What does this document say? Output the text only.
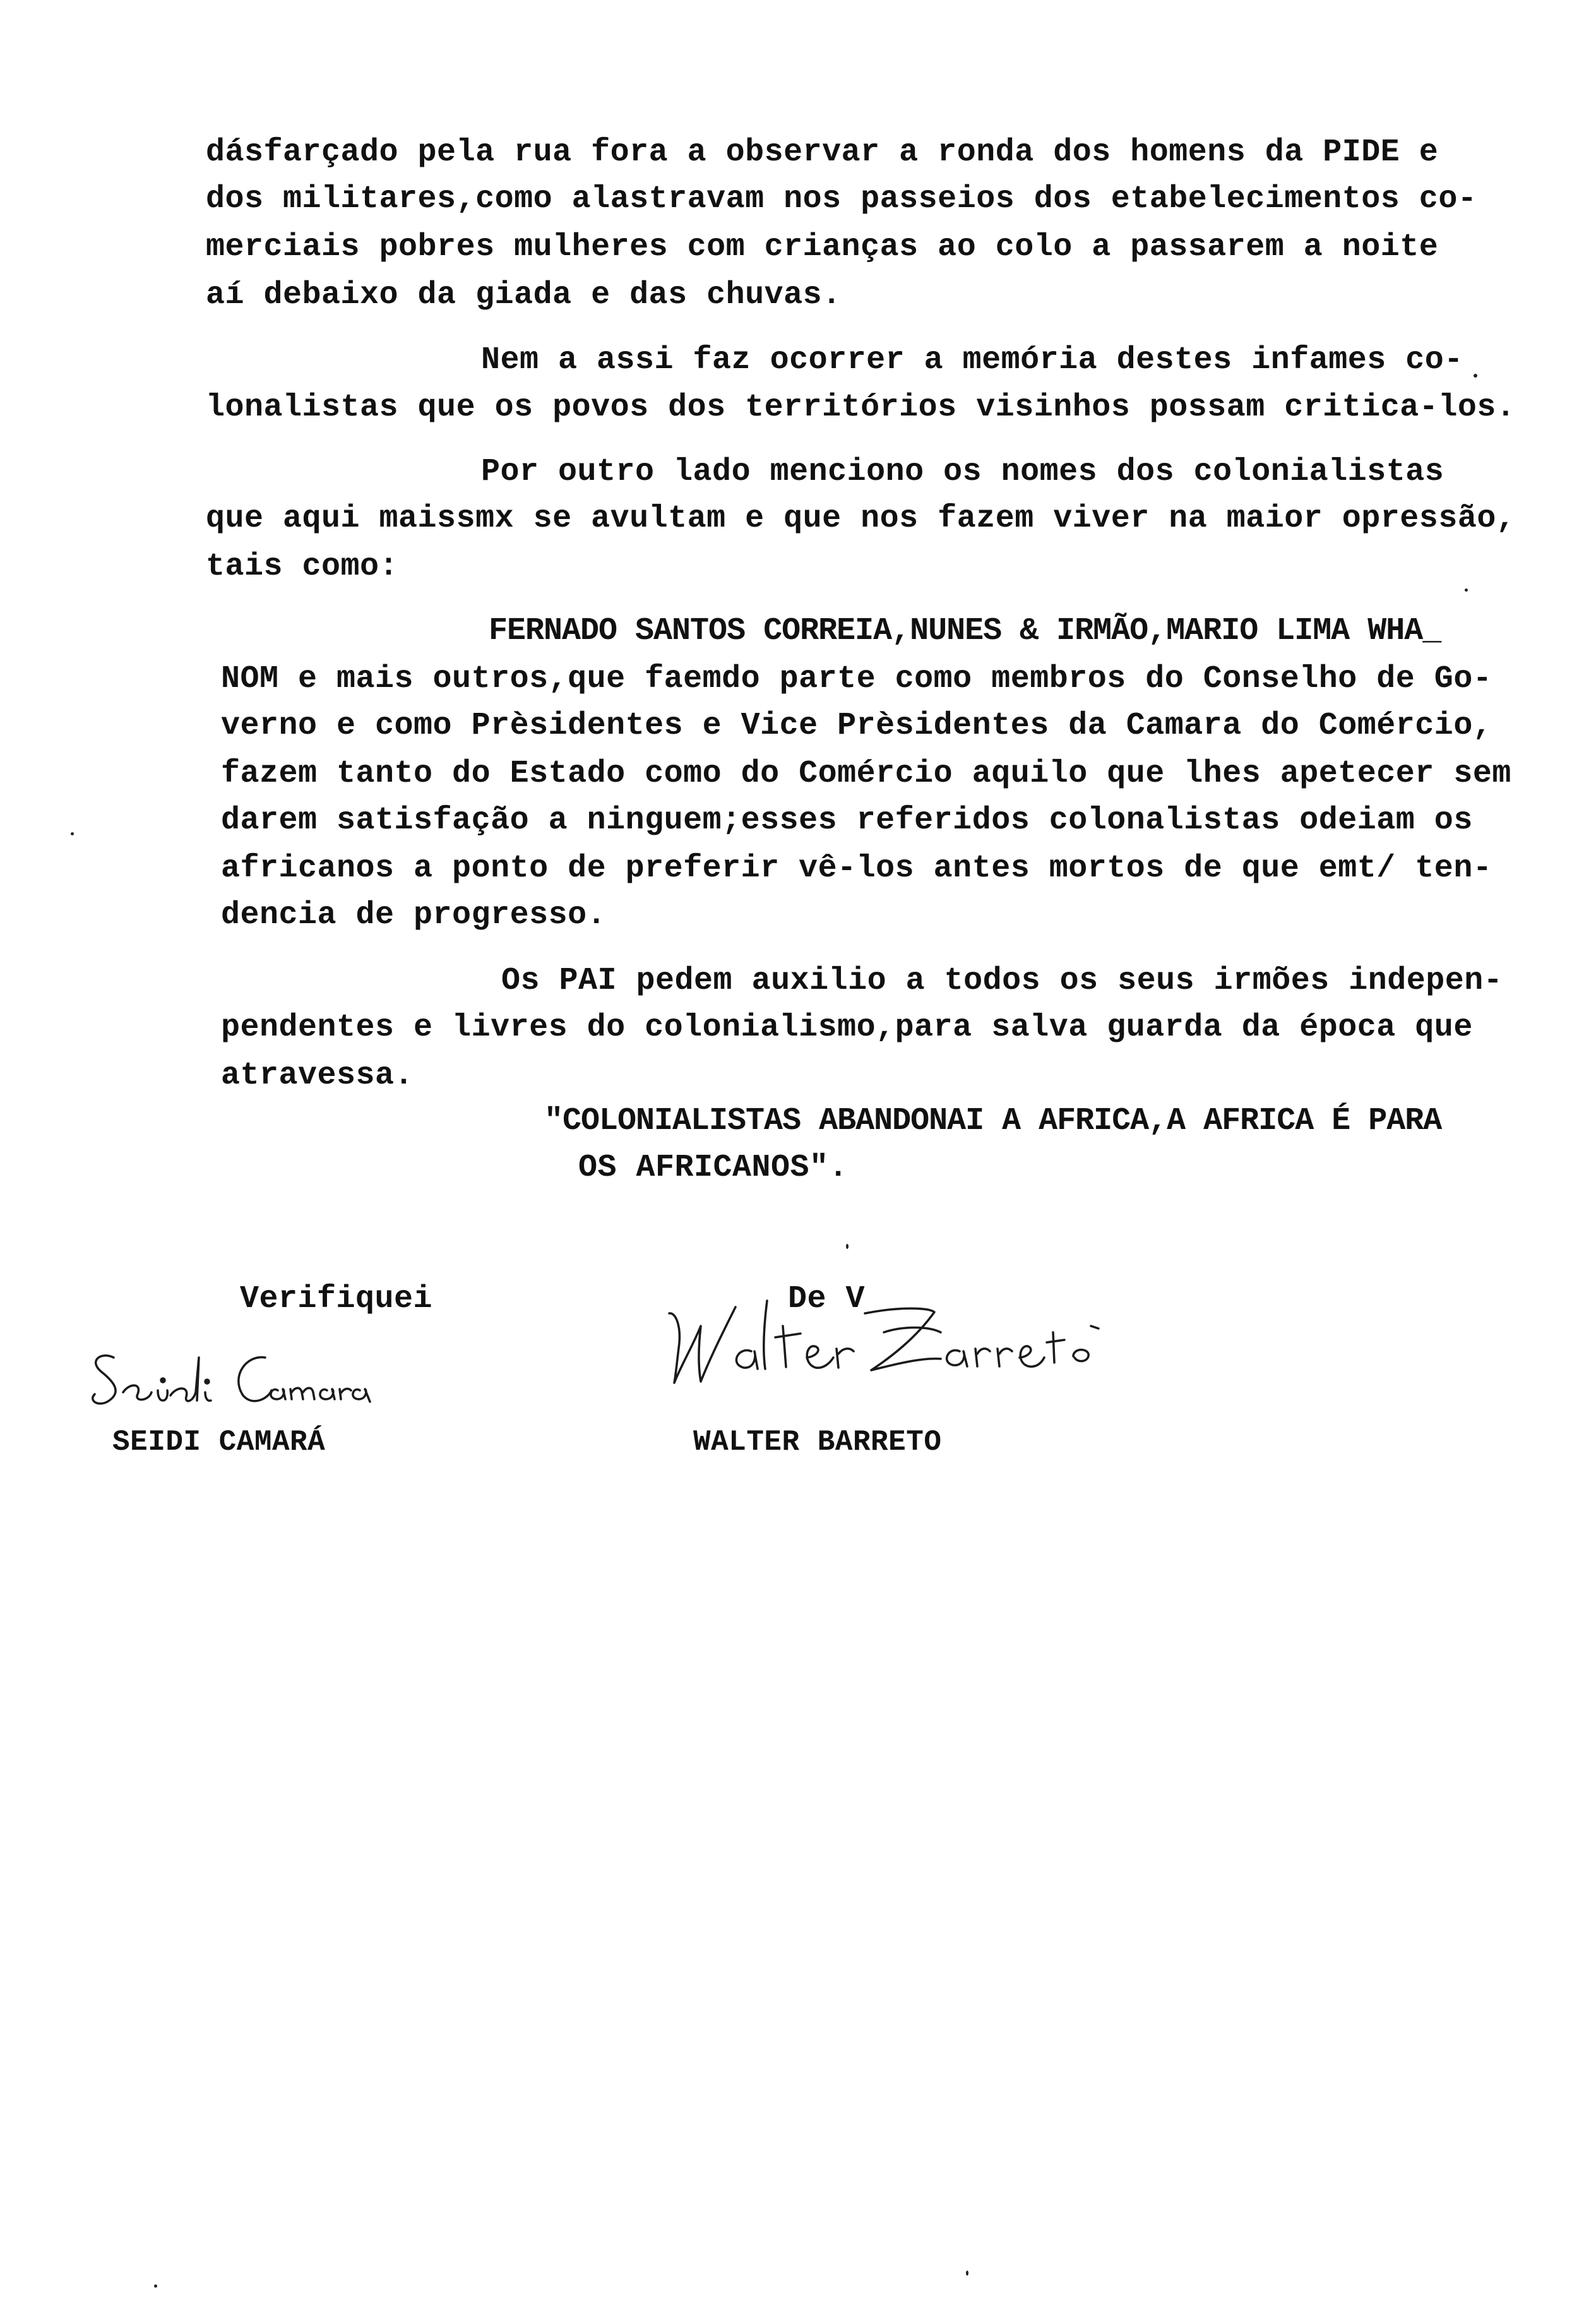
dásfarçado pela rua fora a observar a ronda dos homens da PIDE e
dos militares,como alastravam nos passeios dos etabelecimentos co-
merciais pobres mulheres com crianças ao colo a passarem a noite
aí debaixo da giada e das chuvas.
Nem a assi faz ocorrer a memória destes infames co-
lonalistas que os povos dos territórios visinhos possam critica-los.
Por outro lado menciono os nomes dos colonialistas
que aqui maissmx se avultam e que nos fazem viver na maior opressão,
tais como:
FERNADO SANTOS CORREIA,NUNES & IRMÃO,MARIO LIMA WHA_
NOM e mais outros,que faemdo parte como membros do Conselho de Go-
verno e como Prèsidentes e Vice Prèsidentes da Camara do Comércio,
fazem tanto do Estado como do Comércio aquilo que lhes apetecer sem
darem satisfação a ninguem;esses referidos colonalistas odeiam os
africanos a ponto de preferir vê-los antes mortos de que emt/ ten-
dencia de progresso.
Os PAI pedem auxilio a todos os seus irmões indepen-
pendentes e livres do colonialismo,para salva guarda da época que
atravessa.
"COLONIALISTAS ABANDONAI A AFRICA,A AFRICA É PARA
OS AFRICANOS".
Verifiquei
SEIDI CAMARÁ
De V
WALTER BARRETO
